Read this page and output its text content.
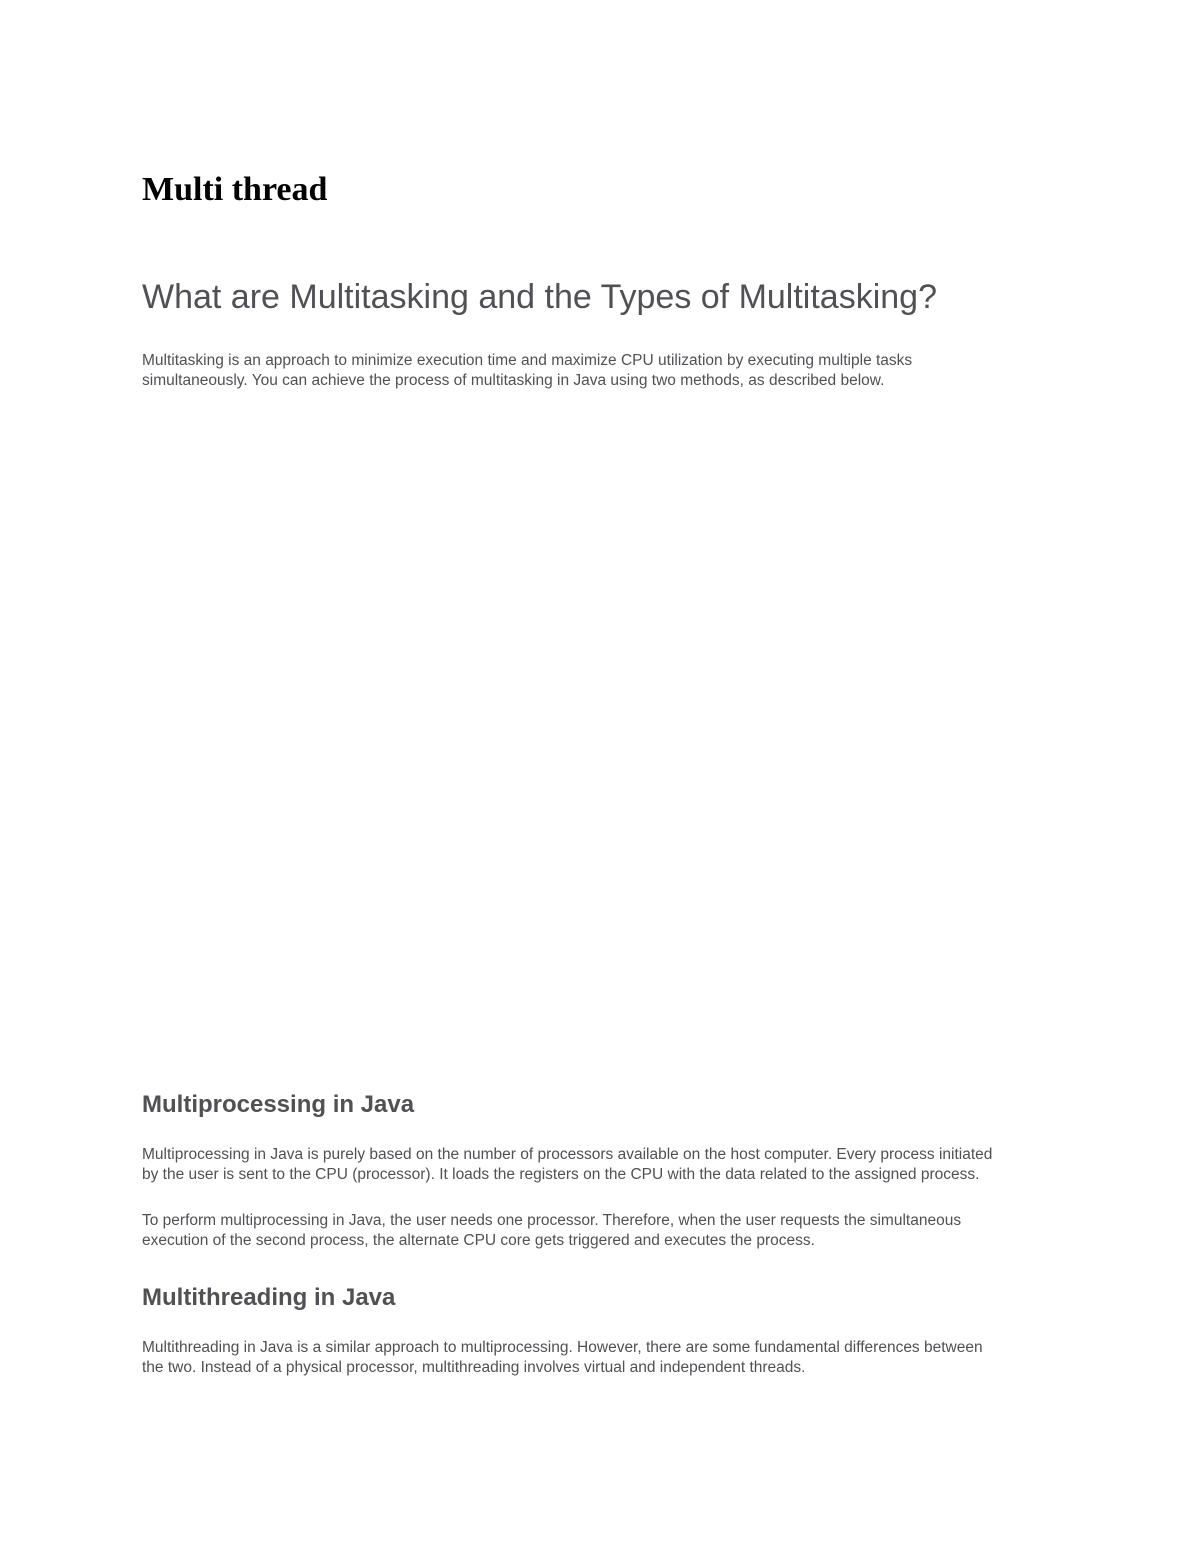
Multi thread
What are Multitasking and the Types of Multitasking?

Multitasking is an approach to minimize execution time and maximize CPU utilization by executing multiple tasks
simultaneously. You can achieve the process of multitasking in Java using two methods, as described below.

Multiprocessing in Java

Multiprocessing in Java is purely based on the number of processors available on the host computer. Every process initiated
by the user is sent to the CPU (processor). It loads the registers on the CPU with the data related to the assigned process.

To perform multiprocessing in Java, the user needs one processor. Therefore, when the user requests the simultaneous
execution of the second process, the alternate CPU core gets triggered and executes the process.

Multithreading in Java

Multithreading in Java is a similar approach to multiprocessing. However, there are some fundamental differences between
the two. Instead of a physical processor, multithreading involves virtual and independent threads.
